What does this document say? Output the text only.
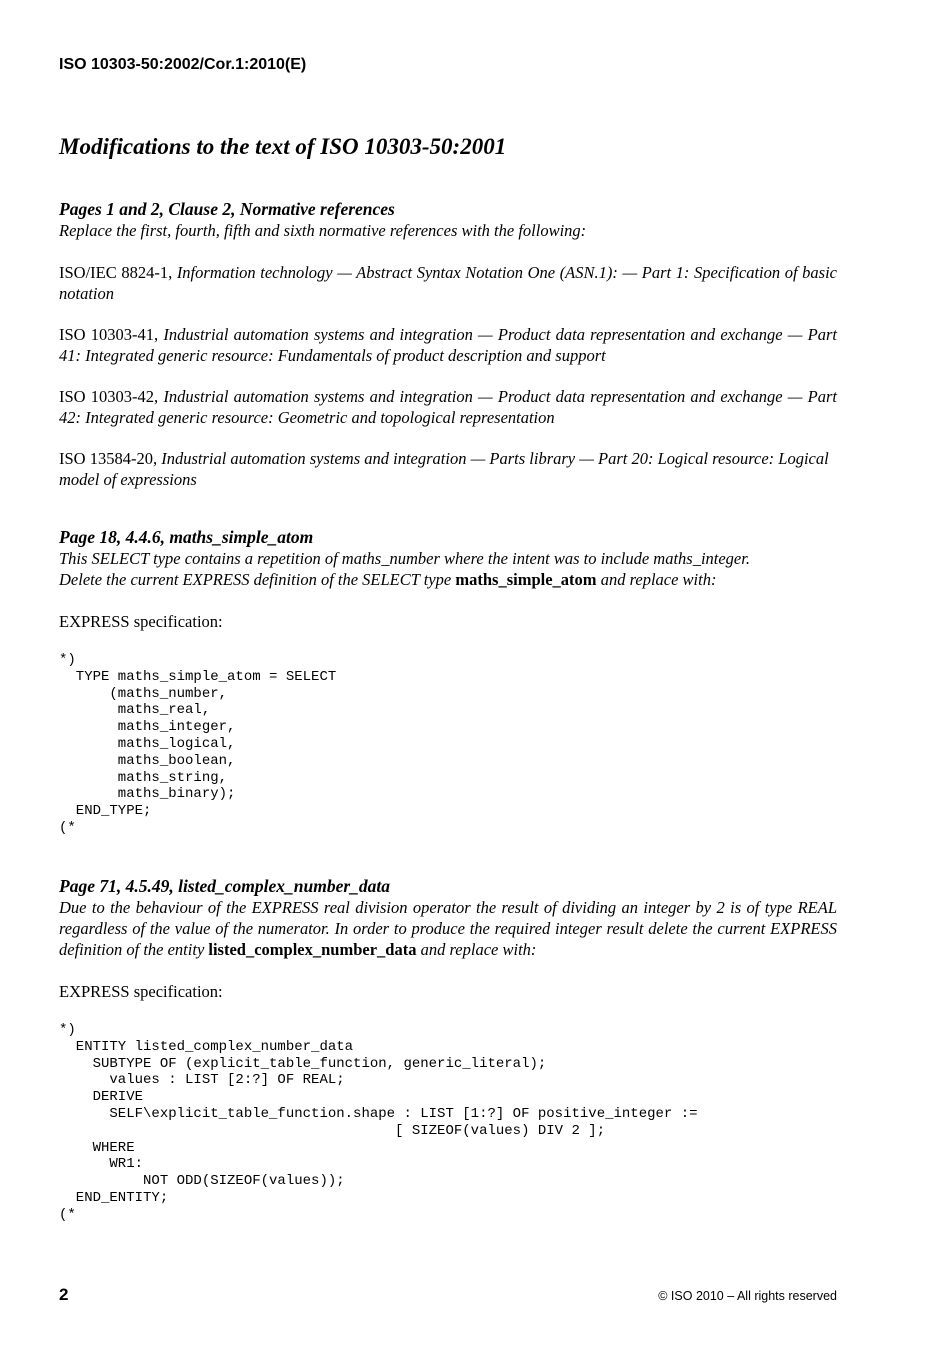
ISO 10303-50:2002/Cor.1:2010(E)
Modifications to the text of ISO 10303-50:2001
Pages 1 and 2, Clause 2, Normative references
Replace the first, fourth, fifth and sixth normative references with the following:

ISO/IEC 8824-1, Information technology — Abstract Syntax Notation One (ASN.1): — Part 1: Specification of basic notation

ISO 10303-41, Industrial automation systems and integration — Product data representation and exchange — Part 41: Integrated generic resource: Fundamentals of product description and support

ISO 10303-42, Industrial automation systems and integration — Product data representation and exchange — Part 42: Integrated generic resource: Geometric and topological representation

ISO 13584-20, Industrial automation systems and integration — Parts library — Part 20: Logical resource: Logical model of expressions

Page 18, 4.4.6, maths_simple_atom
This SELECT type contains a repetition of maths_number where the intent was to include maths_integer.
Delete the current EXPRESS definition of the SELECT type maths_simple_atom and replace with:
EXPRESS specification:
*)
TYPE maths_simple_atom = SELECT
(maths_number,
maths_real,
maths_integer,
maths_logical,
maths_boolean,
maths_string,
maths_binary);
END_TYPE;
(*
Page 71, 4.5.49, listed_complex_number_data
Due to the behaviour of the EXPRESS real division operator the result of dividing an integer by 2 is of type REAL regardless of the value of the numerator. In order to produce the required integer result delete the current EXPRESS definition of the entity listed_complex_number_data and replace with:
EXPRESS specification:
*)
ENTITY listed_complex_number_data
SUBTYPE OF (explicit_table_function, generic_literal);
values : LIST [2:?] OF REAL;
DERIVE
SELF\explicit_table_function.shape : LIST [1:?] OF positive_integer :=
[ SIZEOF(values) DIV 2 ];
WHERE
WR1:
NOT ODD(SIZEOF(values));
END_ENTITY;
(*
2	© ISO 2010 – All rights reserved
